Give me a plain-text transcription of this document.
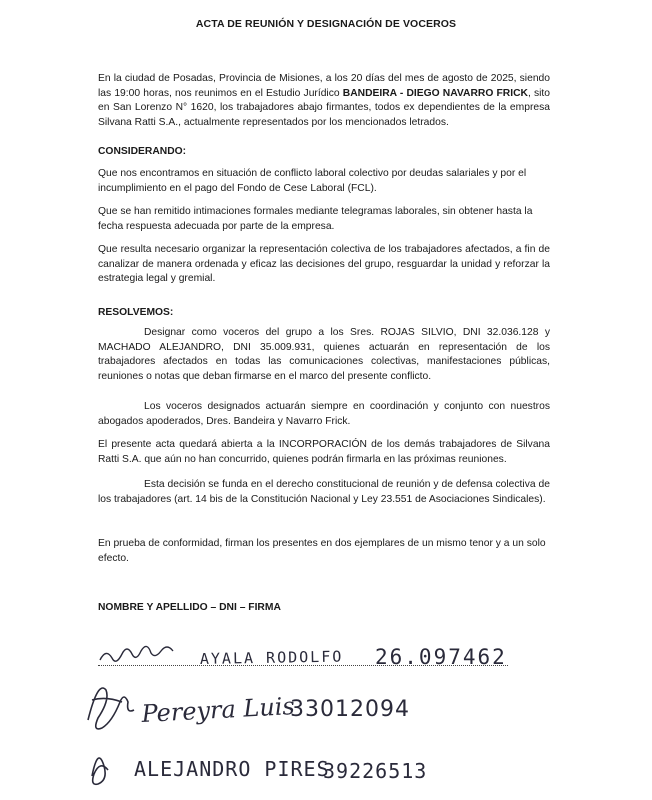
ACTA DE REUNIÓN Y DESIGNACIÓN DE VOCEROS
En la ciudad de Posadas, Provincia de Misiones, a los 20 días del mes de agosto de 2025, siendo las 19:00 horas, nos reunimos en el Estudio Jurídico BANDEIRA - DIEGO NAVARRO FRICK, sito en San Lorenzo N° 1620, los trabajadores abajo firmantes, todos ex dependientes de la empresa Silvana Ratti S.A., actualmente representados por los mencionados letrados.
CONSIDERANDO:
Que nos encontramos en situación de conflicto laboral colectivo por deudas salariales y por el incumplimiento en el pago del Fondo de Cese Laboral (FCL).
Que se han remitido intimaciones formales mediante telegramas laborales, sin obtener hasta la fecha respuesta adecuada por parte de la empresa.
Que resulta necesario organizar la representación colectiva de los trabajadores afectados, a fin de canalizar de manera ordenada y eficaz las decisiones del grupo, resguardar la unidad y reforzar la estrategia legal y gremial.
RESOLVEMOS:
Designar como voceros del grupo a los Sres. ROJAS SILVIO, DNI 32.036.128 y MACHADO ALEJANDRO, DNI 35.009.931, quienes actuarán en representación de los trabajadores afectados en todas las comunicaciones colectivas, manifestaciones públicas, reuniones o notas que deban firmarse en el marco del presente conflicto.
Los voceros designados actuarán siempre en coordinación y conjunto con nuestros abogados apoderados, Dres. Bandeira y Navarro Frick.
El presente acta quedará abierta a la INCORPORACIÓN de los demás trabajadores de Silvana Ratti S.A. que aún no han concurrido, quienes podrán firmarla en las próximas reuniones.
Esta decisión se funda en el derecho constitucional de reunión y de defensa colectiva de los trabajadores (art. 14 bis de la Constitución Nacional y Ley 23.551 de Asociaciones Sindicales).
En prueba de conformidad, firman los presentes en dos ejemplares de un mismo tenor y a un solo efecto.
NOMBRE Y APELLIDO – DNI – FIRMA
AYALA RODOLFO 26.097462
Pereyra Luis
33012094
ALEJANDRO PIRES
39226513
